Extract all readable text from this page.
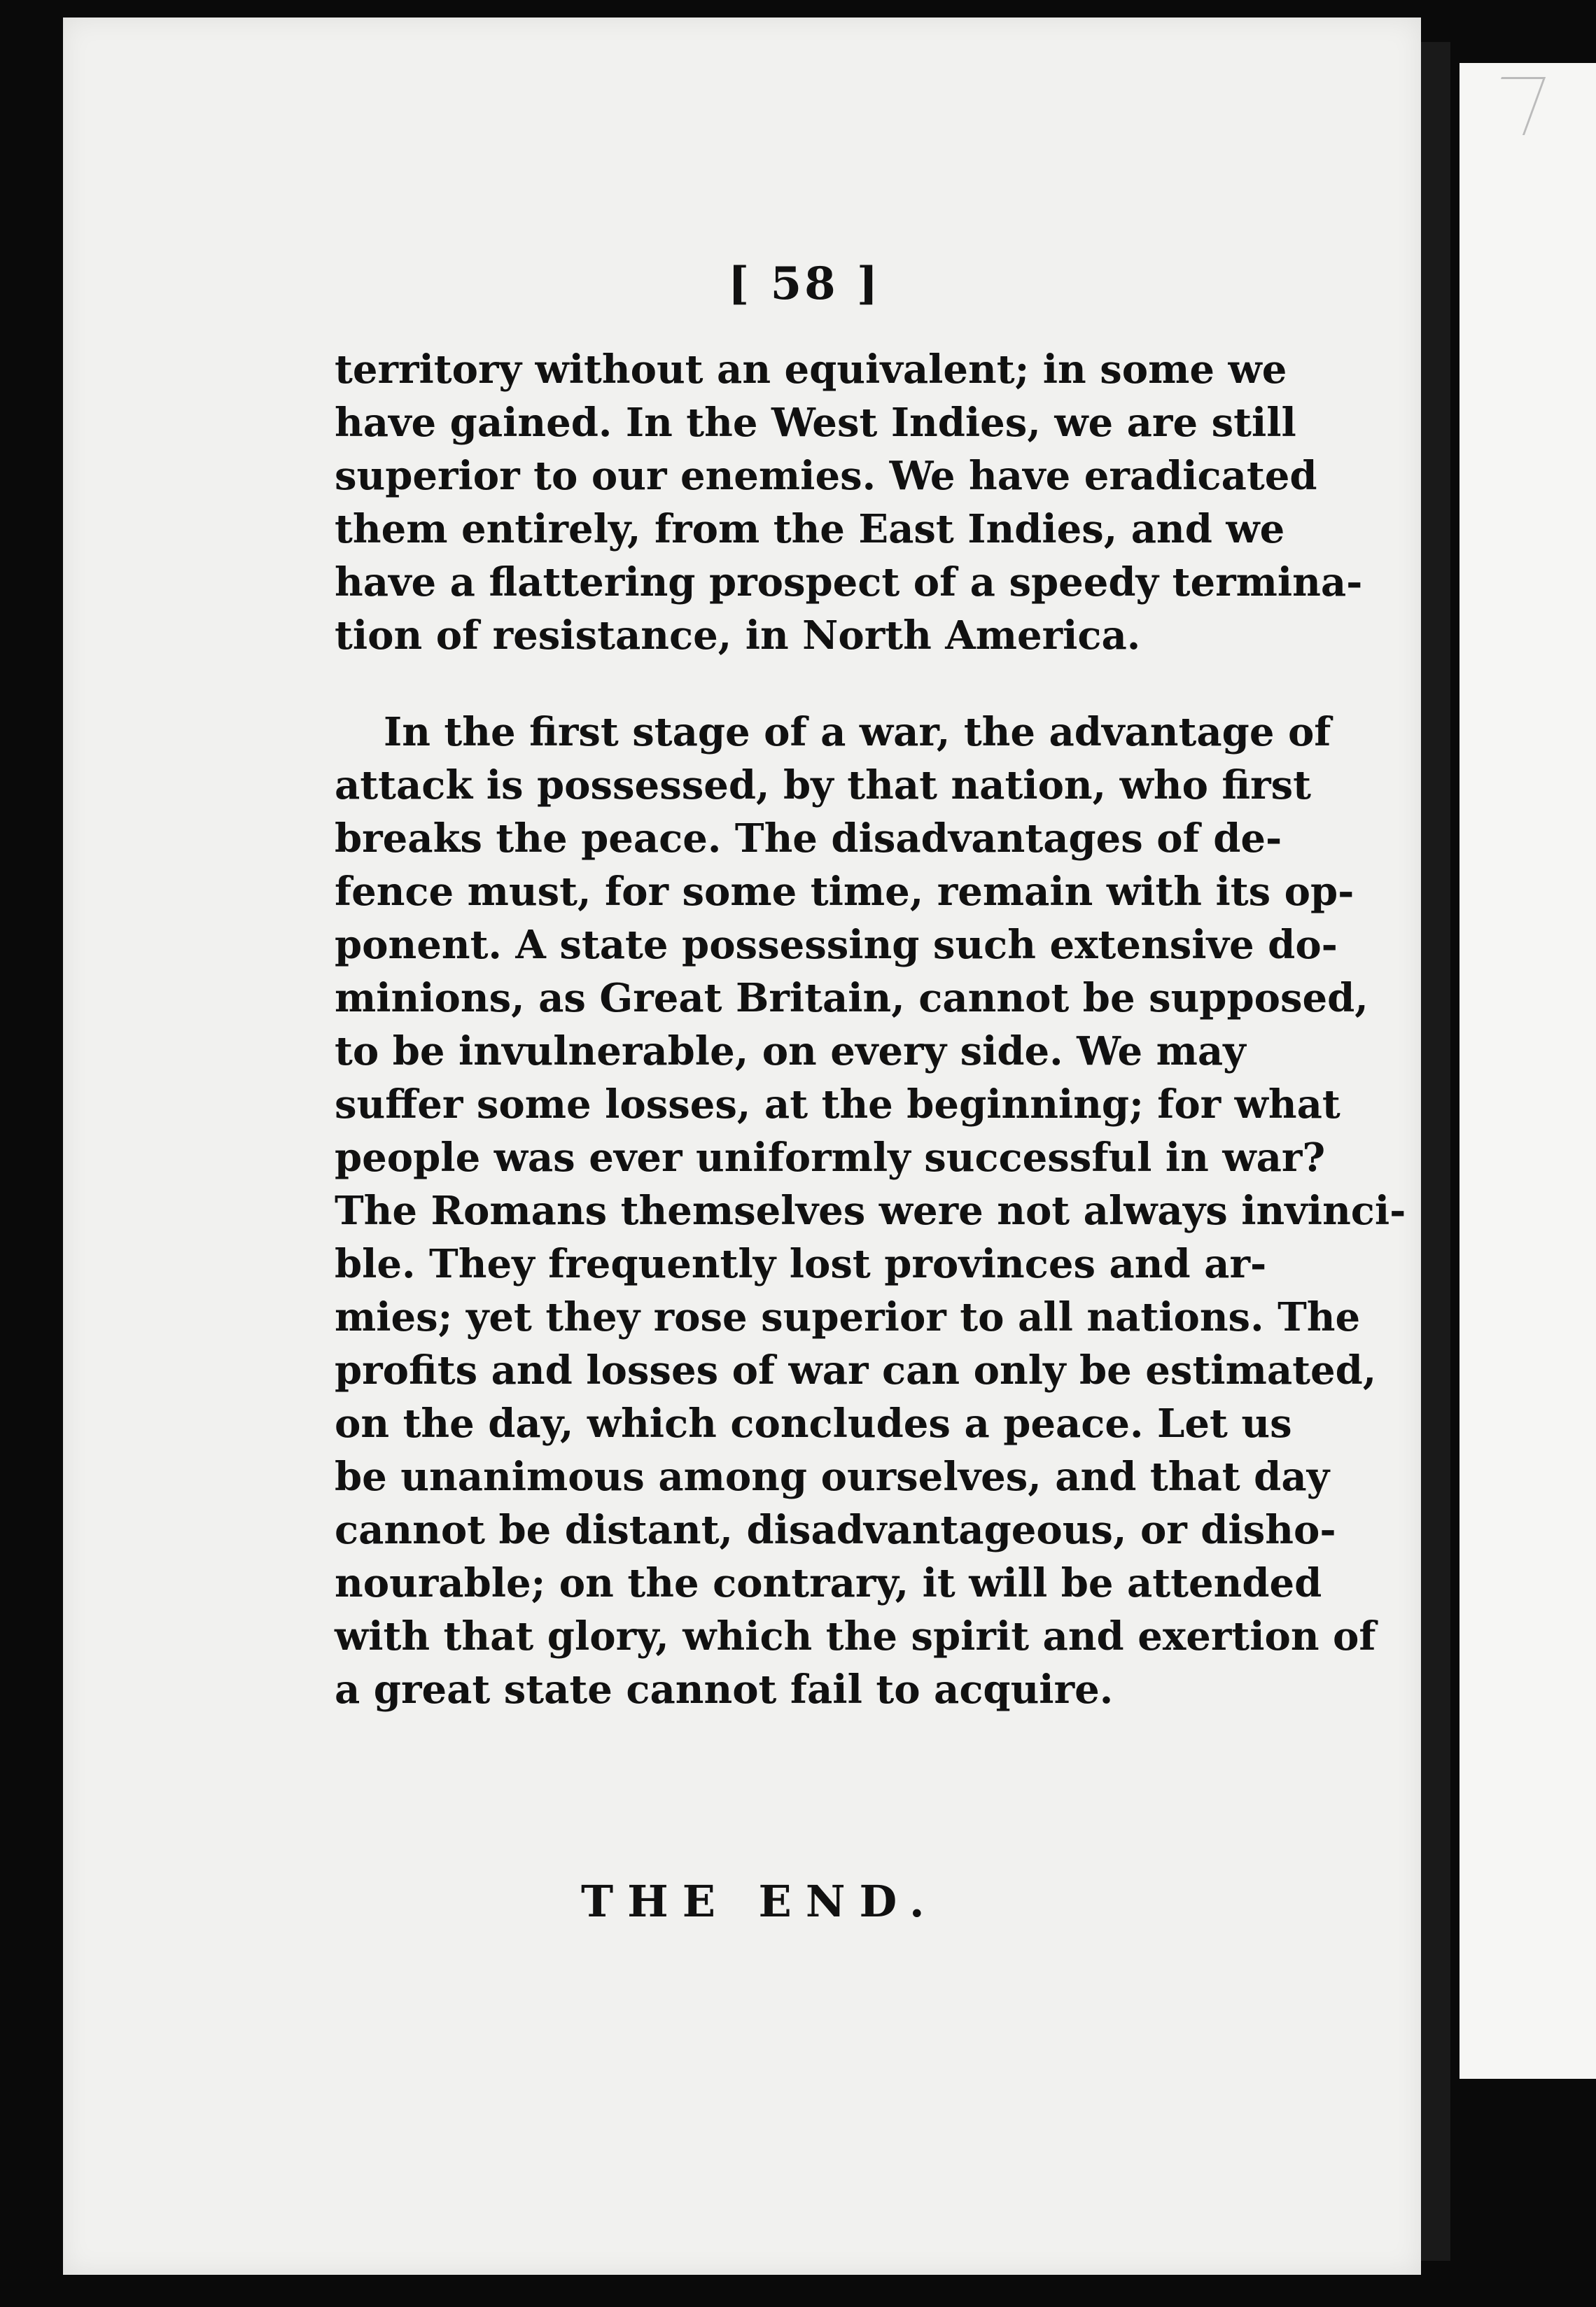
[ 58 ]

territory without an equivalent; in some we
have gained. In the West Indies, we are still
superior to our enemies. We have eradicated
them entirely, from the East Indies, and we
have a flattering prospect of a speedy termina-
tion of resistance, in North America.

In the first stage of a war, the advantage of
attack is possessed, by that nation, who first
breaks the peace. The disadvantages of de-
fence must, for some time, remain with its op-
ponent. A state possessing such extensive do-
minions, as Great Britain, cannot be supposed,
to be invulnerable, on every side. We may
suffer some losses, at the beginning; for what
people was ever uniformly successful in war?
The Romans themselves were not always invinci-
ble. They frequently lost provinces and ar-
mies; yet they rose superior to all nations. The
profits and losses of war can only be estimated,
on the day, which concludes a peace. Let us
be unanimous among ourselves, and that day
cannot be distant, disadvantageous, or disho-
nourable; on the contrary, it will be attended
with that glory, which the spirit and exertion of
a great state cannot fail to acquire.

THE END.
